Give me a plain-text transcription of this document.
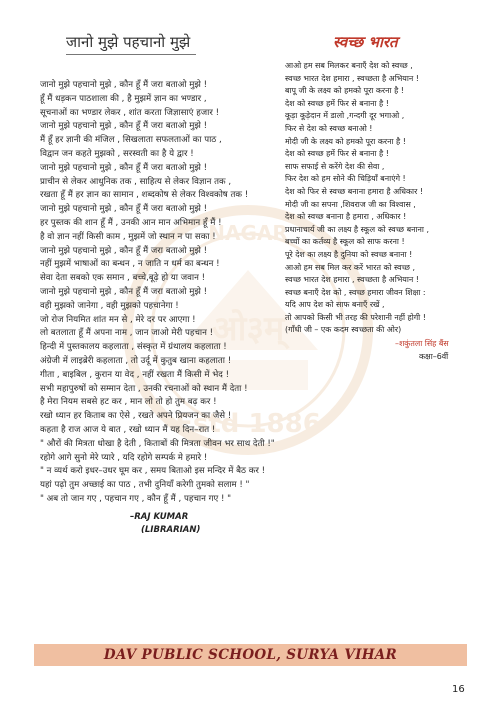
NAGAR
ओ३म्
Estd 1886
जानो मुझे पहचानो मुझे
जानो मुझे पहचानो मुझे , कौन हूँ मैं जरा बताओ मुझे !
हूँ मैं धड़कन पाठशाला की , है मुझमें ज्ञान का भण्डार ,
सूचनाओं का भण्डार लेकर , शांत करता जिज्ञासाएं हजार !
जानो मुझे पहचानो मुझे , कौन हूँ मैं जरा बताओ मुझे !
मैं हूँ हर ज्ञानी की मंजिल , सिखलाता सफलताओं का पाठ ,
विद्वान जन कहते मुझको , सरस्वती का है ये द्वार !
जानो मुझे पहचानो मुझे , कौन हूँ मैं जरा बताओ मुझे !
प्राचीन से लेकर आधुनिक तक , साहित्य से लेकर विज्ञान तक ,
रखता हूँ मैं हर ज्ञान का सामान , शब्दकोष से लेकर विश्वकोष तक !
जानो मुझे पहचानो मुझे , कौन हूँ मैं जरा बताओ मुझे !
हर पुस्तक की शान हूँ मैं , उनकी आन मान अभिमान हूँ मैं !
है वो ज्ञान नहीं किसी काम , मुझमें जो स्थान न पा सका !
जानो मुझे पहचानो मुझे , कौन हूँ मैं जरा बताओ मुझे !
नहीं मुझमें भाषाओं का बन्धन , न जाति न धर्म का बन्धन !
सेवा देता सबको एक समान , बच्चे,बूढ़े हो या जवान !
जानो मुझे पहचानो मुझे , कौन हूँ मैं जरा बताओ मुझे !
वही मुझको जानेगा , वही मुझको पहचानेगा !
जो रोज नियमित शांत मन से , मेरे दर पर आएगा !
लो बतलाता हूँ मैं अपना नाम , जान जाओ मेरी पहचान !
हिन्दी में पुस्तकालय कहलाता , संस्कृत में ग्रंथालय कहलाता !
अंग्रेजी में लाइब्रेरी कहलाता , तो उर्दू में कुतुब खाना कहलाता !
गीता , बाइबिल , कुरान या वेद , नहीं रखता मैं किसी में भेद !
सभी महापुरुषों को सम्मान देता , उनकी रचनाओं को स्थान मैं देता !
है मेरा नियम सबसे हट कर , मान लो तो हो तुम बढ़ कर !
रखो ध्यान हर किताब का ऐसे , रखते अपने प्रियजन का जैसे !
कहता है राज आज ये बात , रखो ध्यान मैं यह दिन–रात !
" औरों की मित्रता धोखा है देती , किताबों की मित्रता जीवन भर साथ देती !"
रहोगे आगे सुनो मेरे प्यारे , यदि रहोगे सम्पर्क मे हमारे !
" न व्यर्थ करो इधर–उधर घूम कर , समय बिताओ इस मन्दिर में बैठ कर !
यहां पढ़ो तुम अच्छाई का पाठ , तभी दुनियाँ करेगी तुमको सलाम ! "
" अब तो जान गए , पहचान गए , कौन हूँ मैं , पहचान गए ! "
–RAJ KUMAR
(LIBRARIAN)
स्वच्छ भारत
आओ हम सब मिलकर बनाएँ देश को स्वच्छ ,
स्वच्छ भारत देश हमारा , स्वच्छता है अभियान !
बापू जी के लक्ष्य को हमको पूरा करना है !
देश को स्वच्छ हमें फिर से बनाना है !
कूड़ा कूड़ेदान में डालो ,गन्दगी दूर भगाओ ,
फिर से देश को स्वच्छ बनाओ !
मोदी जी के लक्ष्य को हमको पूरा करना है !
देश को स्वच्छ हमें फिर से बनाना है !
साफ सफाई से करेंगे देश की सेवा ,
फिर देश को हम सोने की चिड़ियाँ बनाएंगे !
देश को फिर से स्वच्छ बनाना हमारा है अधिकार !
मोदी जी का सपना ,शिवराज जी का विश्वास ,
देश को स्वच्छ बनाना है हमारा , अधिकार !
प्रधानाचार्य जी का लक्ष्य है स्कूल को स्वच्छ बनाना ,
बच्चों का कर्तव्य है स्कूल को साफ करना !
पूरे देश का लक्ष्य है दुनिया को स्वच्छ बनाना !
आओ हम सब मिल कर करें भारत को स्वच्छ ,
स्वच्छ भारत देश हमारा , स्वच्छता है अभियान !
स्वच्छ बनाएँ देश को , स्वच्छ हमारा जीवन शिक्षा :
यदि आप देश को साफ बनाएँ रखें ,
तो आपको किसी भी तरह की परेशानी नहीं होगी !
(गाँधी जी – एक कदम स्वच्छता की ओर)
–शकुंतला सिंह बैंस
कक्षा–6वीं
DAV PUBLIC SCHOOL, SURYA VIHAR
16
